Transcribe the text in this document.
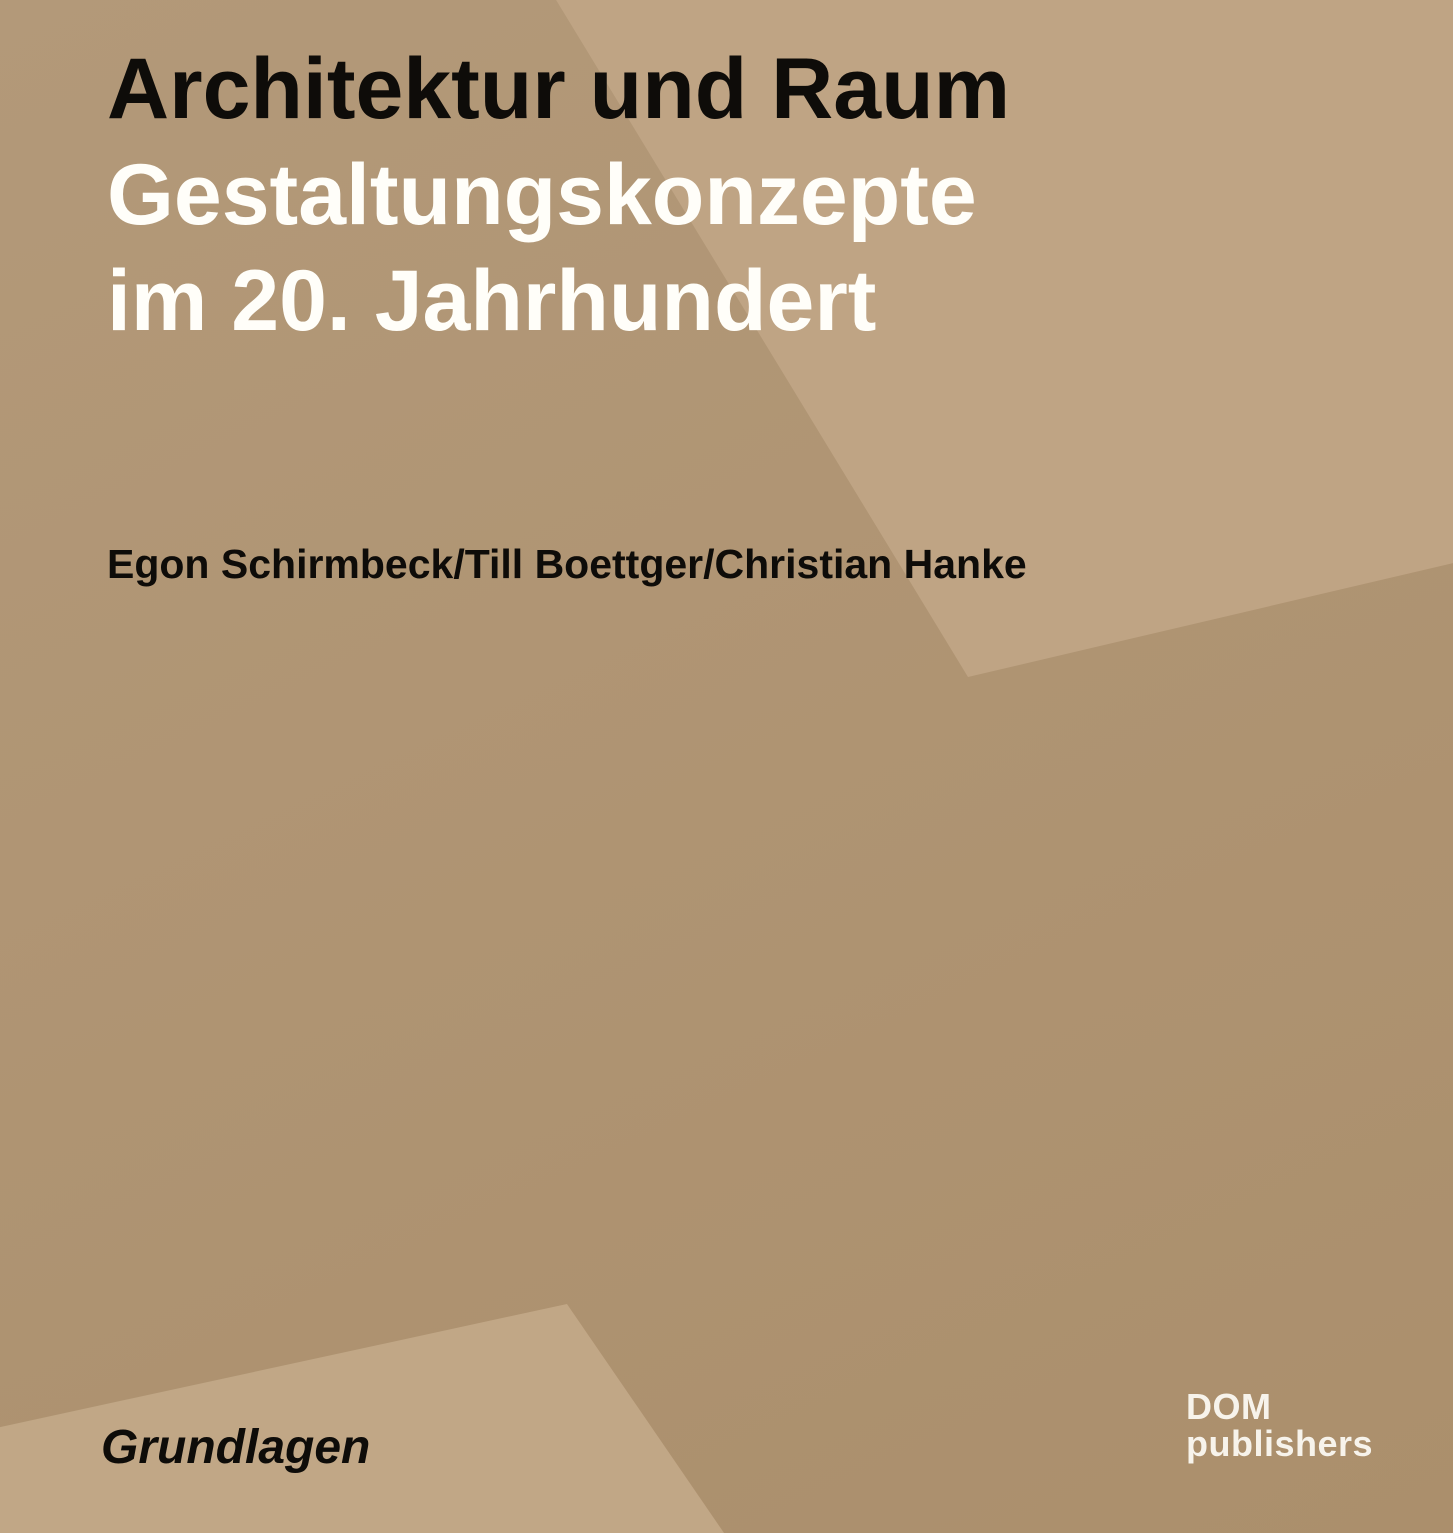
Architektur und Raum
Gestaltungskonzepte
im 20. Jahrhundert
Egon Schirmbeck/Till Boettger/Christian Hanke
Grundlagen
DOM
publishers
